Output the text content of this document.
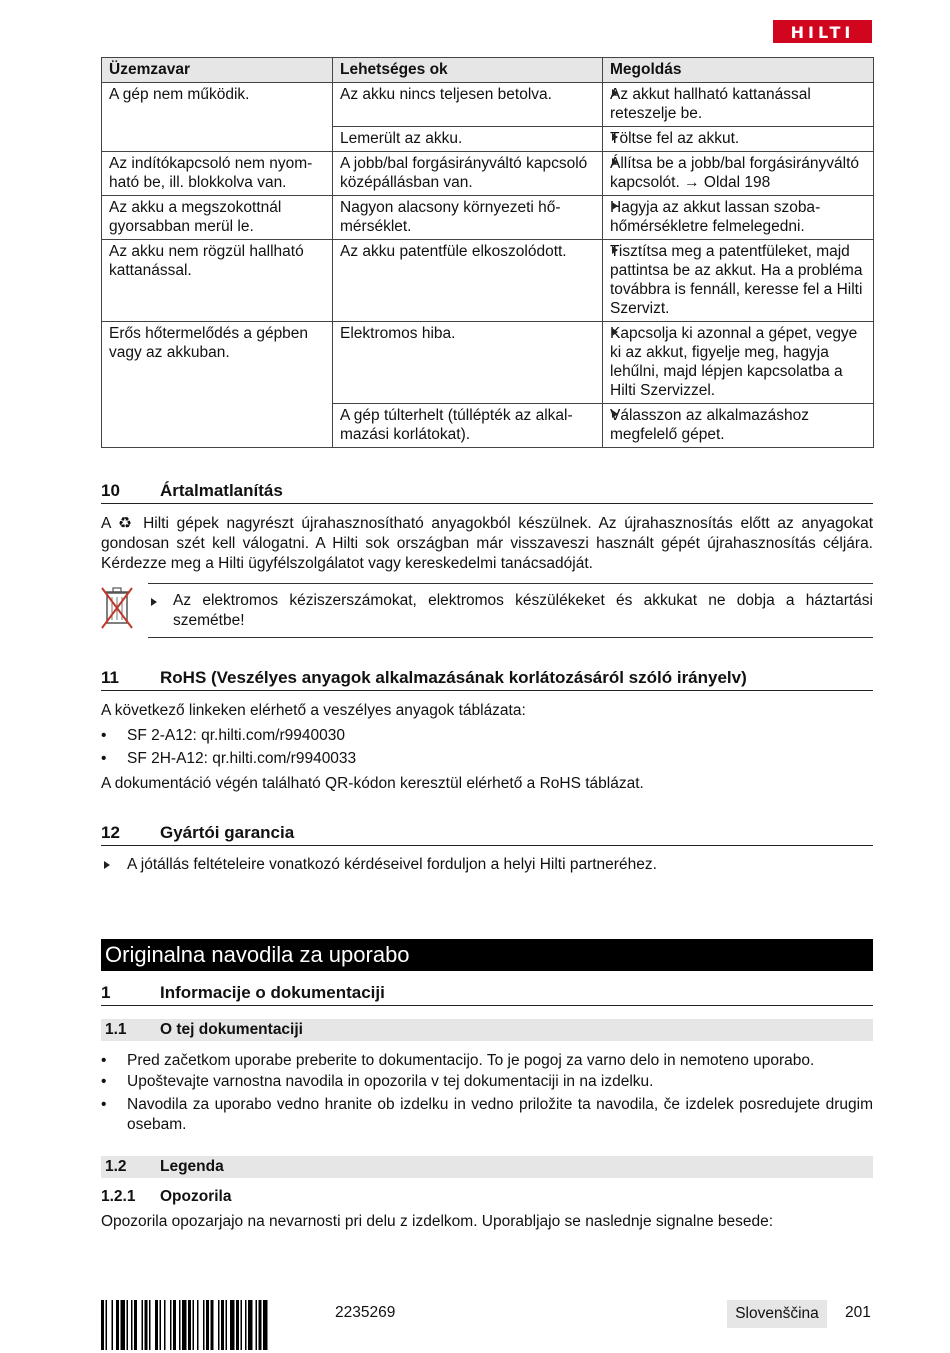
HILTI
Üzemzavar	Lehetséges ok	Megoldás
A gép nem működik.	Az akku nincs teljesen betolva.	Az akkut hallható kattanással reteszelje be.
	Lemerült az akku.	Töltse fel az akkut.
Az indítókapcsoló nem nyomható be, ill. blokkolva van.	A jobb/bal forgásirányváltó kapcsoló középállásban van.	Állítsa be a jobb/bal forgásirányváltó kapcsolót. → Oldal 198
Az akku a megszokottnál gyorsabban merül le.	Nagyon alacsony környezeti hőmérséklet.	Hagyja az akkut lassan szobahőmérsékletre felmelegedni.
Az akku nem rögzül hallható kattanással.	Az akku patentfüle elkoszolódott.	Tisztítsa meg a patentfüleket, majd pattintsa be az akkut. Ha a probléma továbbra is fennáll, keresse fel a Hilti Szervizt.
Erős hőtermelődés a gépben vagy az akkuban.	Elektromos hiba.	Kapcsolja ki azonnal a gépet, vegye ki az akkut, figyelje meg, hagyja lehűlni, majd lépjen kapcsolatba a Hilti Szervizzel.
	A gép túlterhelt (túllépték az alkalmazási korlátokat).	Válasszon az alkalmazáshoz megfelelő gépet.
10 Ártalmatlanítás
A ♻ Hilti gépek nagyrészt újrahasznosítható anyagokból készülnek. Az újrahasznosítás előtt az anyagokat gondosan szét kell válogatni. A Hilti sok országban már visszaveszi használt gépét újrahasznosítás céljára. Kérdezze meg a Hilti ügyfélszolgálatot vagy kereskedelmi tanácsadóját.
Az elektromos kéziszerszámokat, elektromos készülékeket és akkukat ne dobja a háztartási szemétbe!
11 RoHS (Veszélyes anyagok alkalmazásának korlátozásáról szóló irányelv)
A következő linkeken elérhető a veszélyes anyagok táblázata:
• SF 2-A12: qr.hilti.com/r9940030
• SF 2H-A12: qr.hilti.com/r9940033
A dokumentáció végén található QR-kódon keresztül elérhető a RoHS táblázat.
12 Gyártói garancia
A jótállás feltételeire vonatkozó kérdéseivel forduljon a helyi Hilti partneréhez.
Originalna navodila za uporabo
1	Informacije o dokumentaciji
1.1 O tej dokumentaciji
• Pred začetkom uporabe preberite to dokumentacijo. To je pogoj za varno delo in nemoteno uporabo.
• Upoštevajte varnostna navodila in opozorila v tej dokumentaciji in na izdelku.
• Navodila za uporabo vedno hranite ob izdelku in vedno priložite ta navodila, če izdelek posredujete drugim osebam.
1.2 Legenda
1.2.1 Opozorila
Opozorila opozarjajo na nevarnosti pri delu z izdelkom. Uporabljajo se naslednje signalne besede:
2235269	Slovenščina	201
